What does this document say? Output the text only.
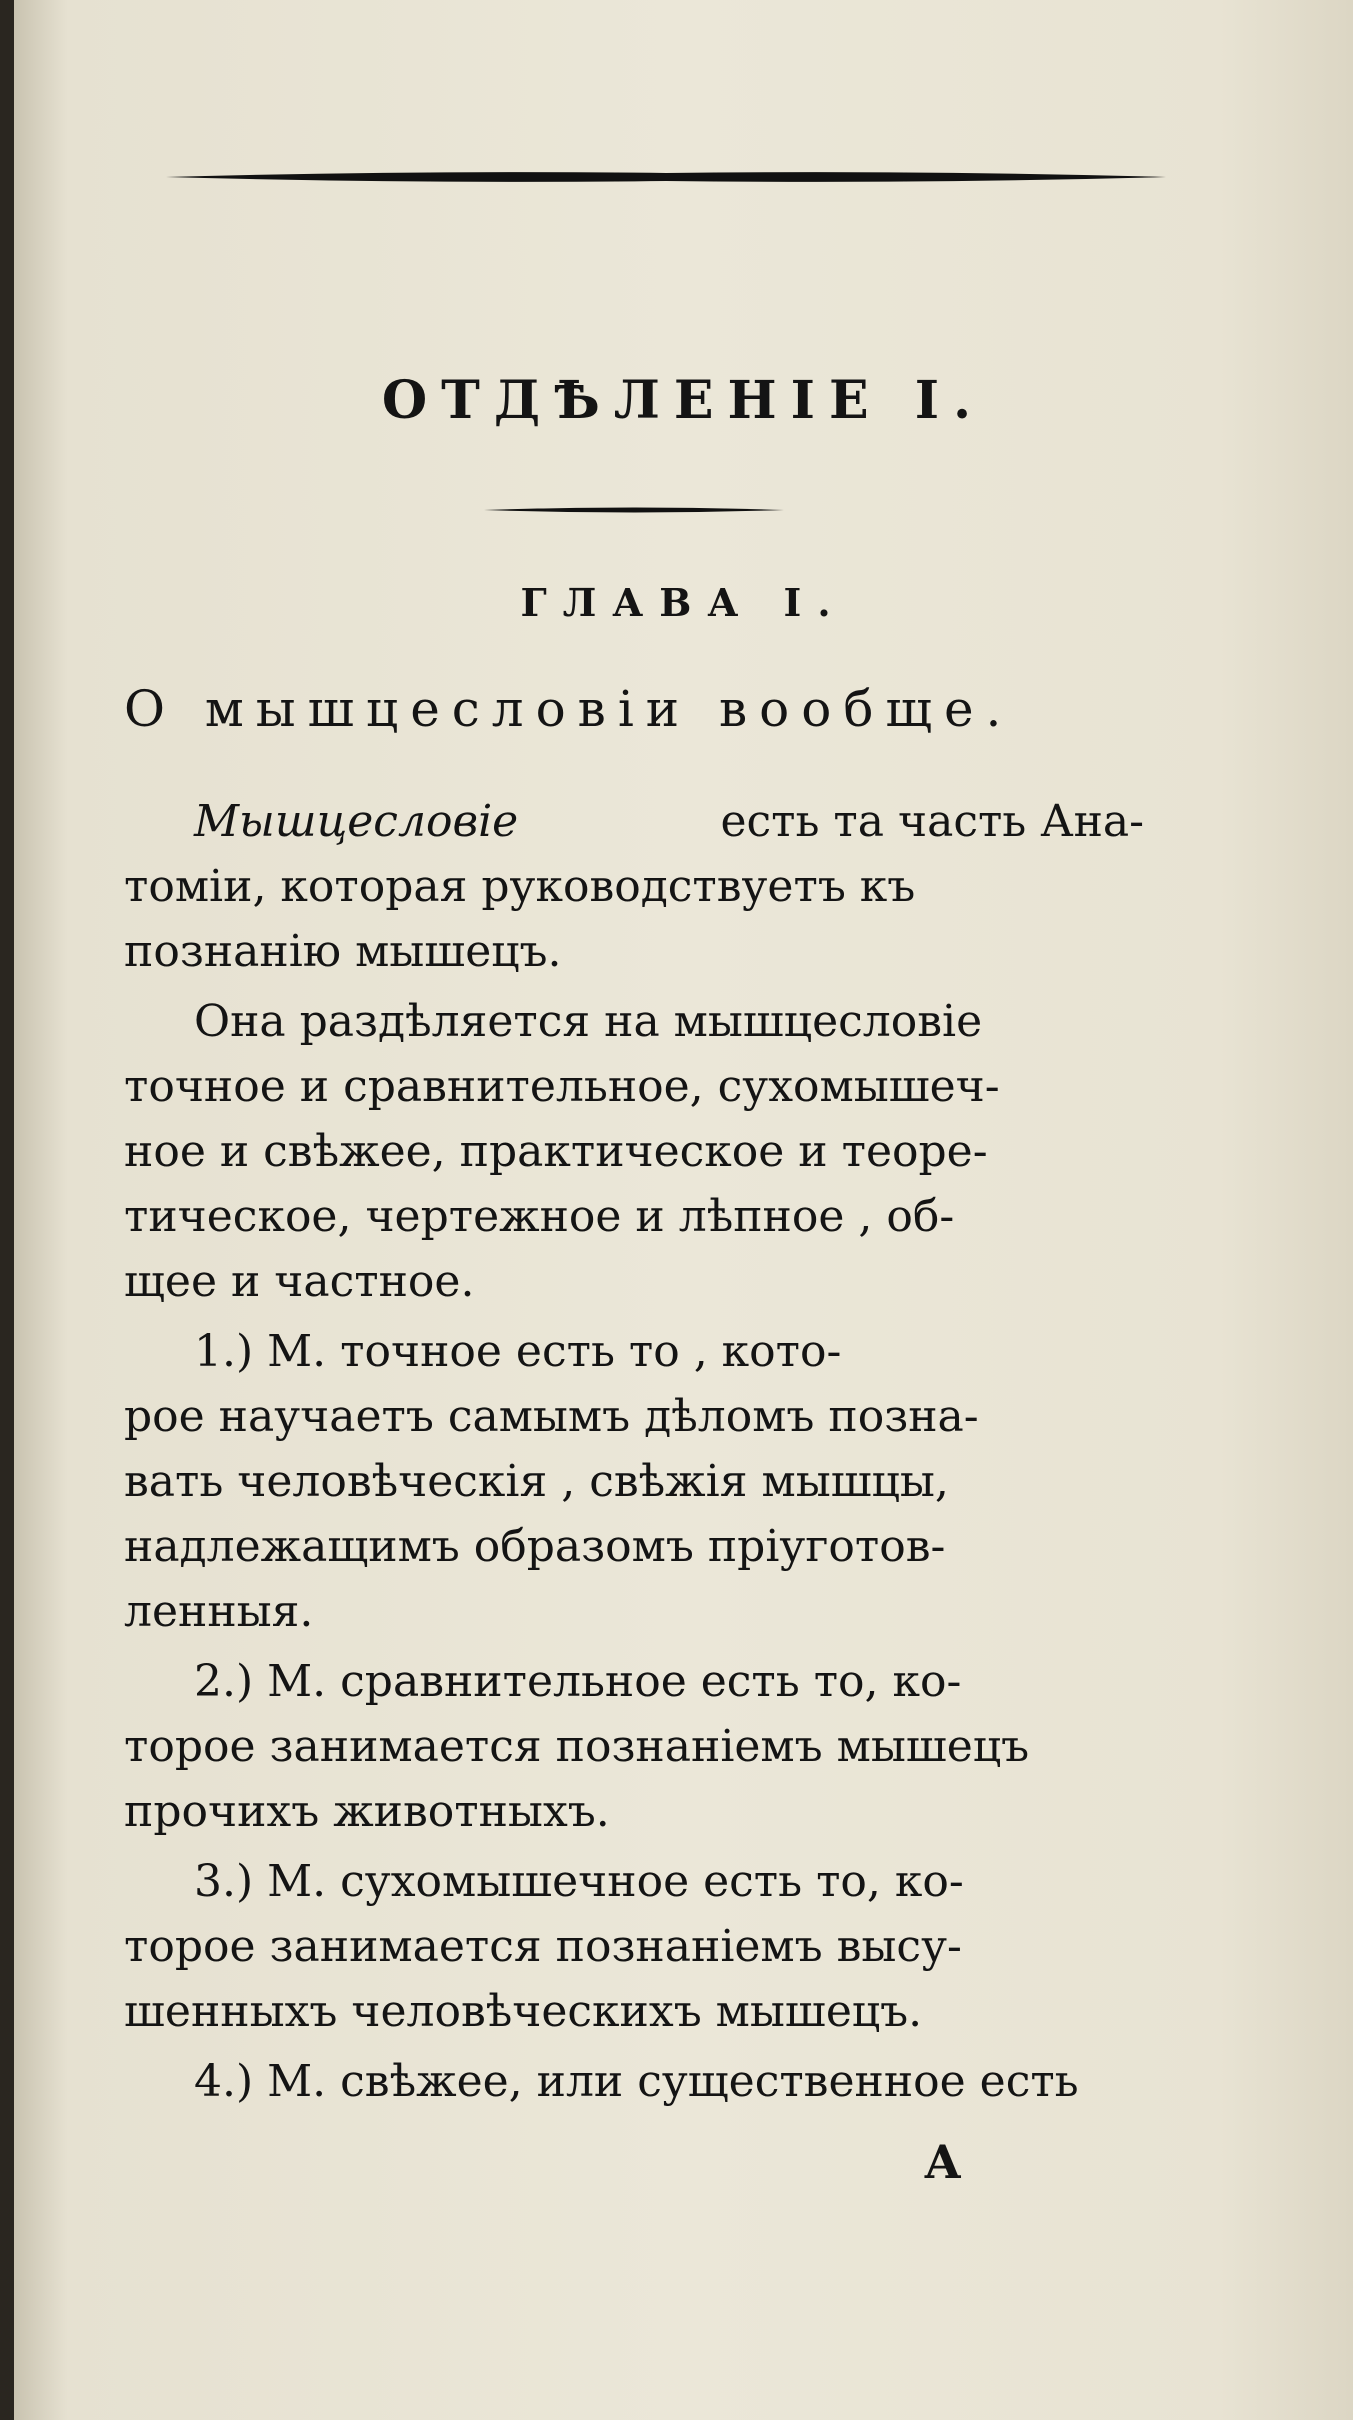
ОТДѢЛЕНІЕ I.
ГЛАВА I.
О мышцесловіи вообще.
Мышцесловіе	есть та часть Ана-
томіи, которая руководствуетъ къ
познанію мышецъ.
Она раздѣляется на мышцесловіе
точное и сравнительное, сухомышеч-
ное и свѣжее, практическое и теоре-
тическое, чертежное и лѣпное , об-
щее и частное.
1.) М. точное есть то , кото-
рое научаетъ самымъ дѣломъ позна-
вать человѣческія , свѣжія мышцы,
надлежащимъ образомъ пріуготов-
ленныя.
2.) М. сравнительное есть то, ко-
торое занимается познаніемъ мышецъ
прочихъ животныхъ.
3.) М. сухомышечное есть то, ко-
торое занимается познаніемъ высу-
шенныхъ человѣческихъ мышецъ.
4.) М. свѣжее, или существенное есть
А
